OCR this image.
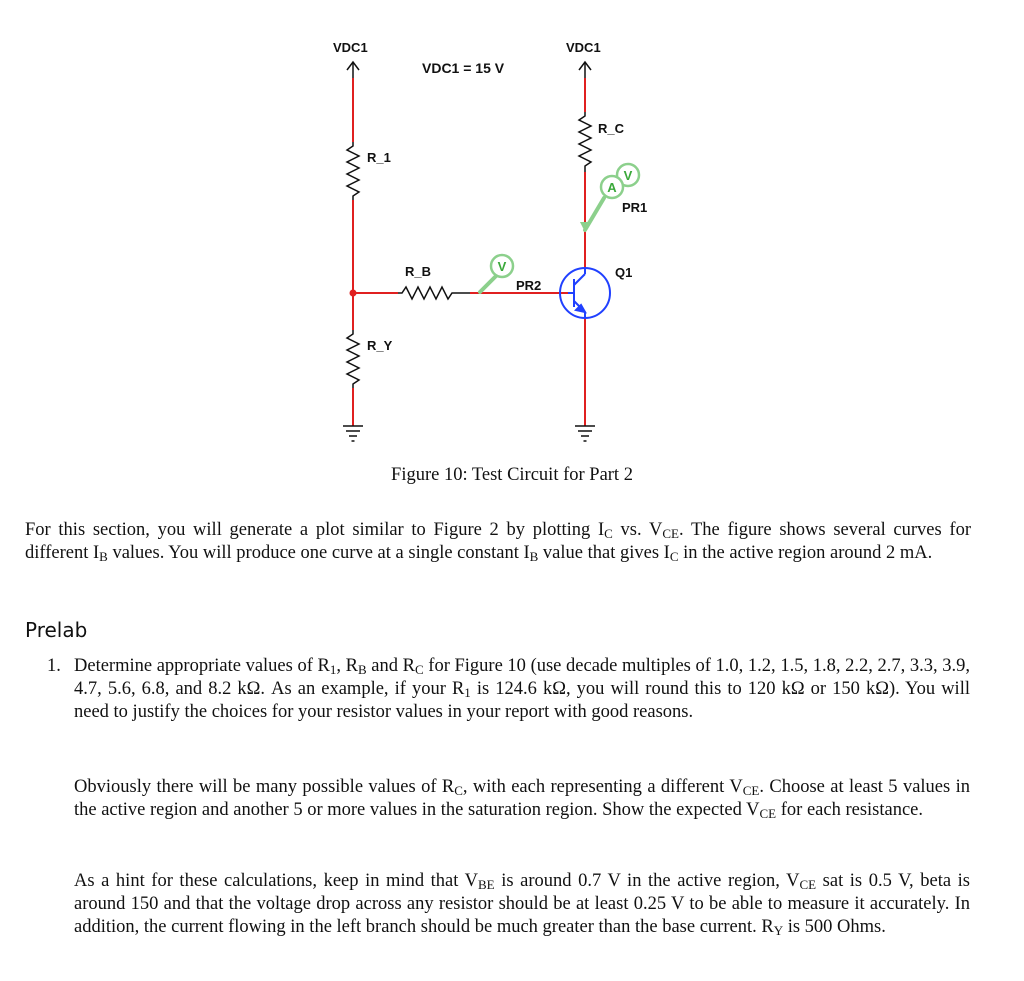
VDC1
VDC1 = 15 V
VDC1
R_1
R_Y
R_B	V
PR2
R_C
V
A
PR1
Q1
Figure 10: Test Circuit for Part 2
For this section, you will generate a plot similar to Figure 2 by plotting $I_C$ vs. $V_{CE}$. The figure shows several curves for different $I_B$ values. You will produce one curve at a single constant $I_B$ value that gives $I_C$ in the active region around 2 mA.
Prelab
1. Determine appropriate values of $R_1$, $R_B$ and $R_C$ for Figure 10 (use decade multiples of 1.0, 1.2, 1.5, 1.8, 2.2, 2.7, 3.3, 3.9, 4.7, 5.6, 6.8, and 8.2 kΩ. As an example, if your $R_1$ is 124.6 kΩ, you will round this to 120 kΩ or 150 kΩ). You will need to justify the choices for your resistor values in your report with good reasons.
Obviously there will be many possible values of $R_C$, with each representing a different $V_{CE}$. Choose at least 5 values in the active region and another 5 or more values in the saturation region. Show the expected $V_{CE}$ for each resistance.
As a hint for these calculations, keep in mind that $V_{BE}$ is around 0.7 V in the active region, $V_{CE}$ sat is 0.5 V, beta is around 150 and that the voltage drop across any resistor should be at least 0.25 V to be able to measure it accurately. In addition, the current flowing in the left branch should be much greater than the base current. $R_Y$ is 500 Ohms.
